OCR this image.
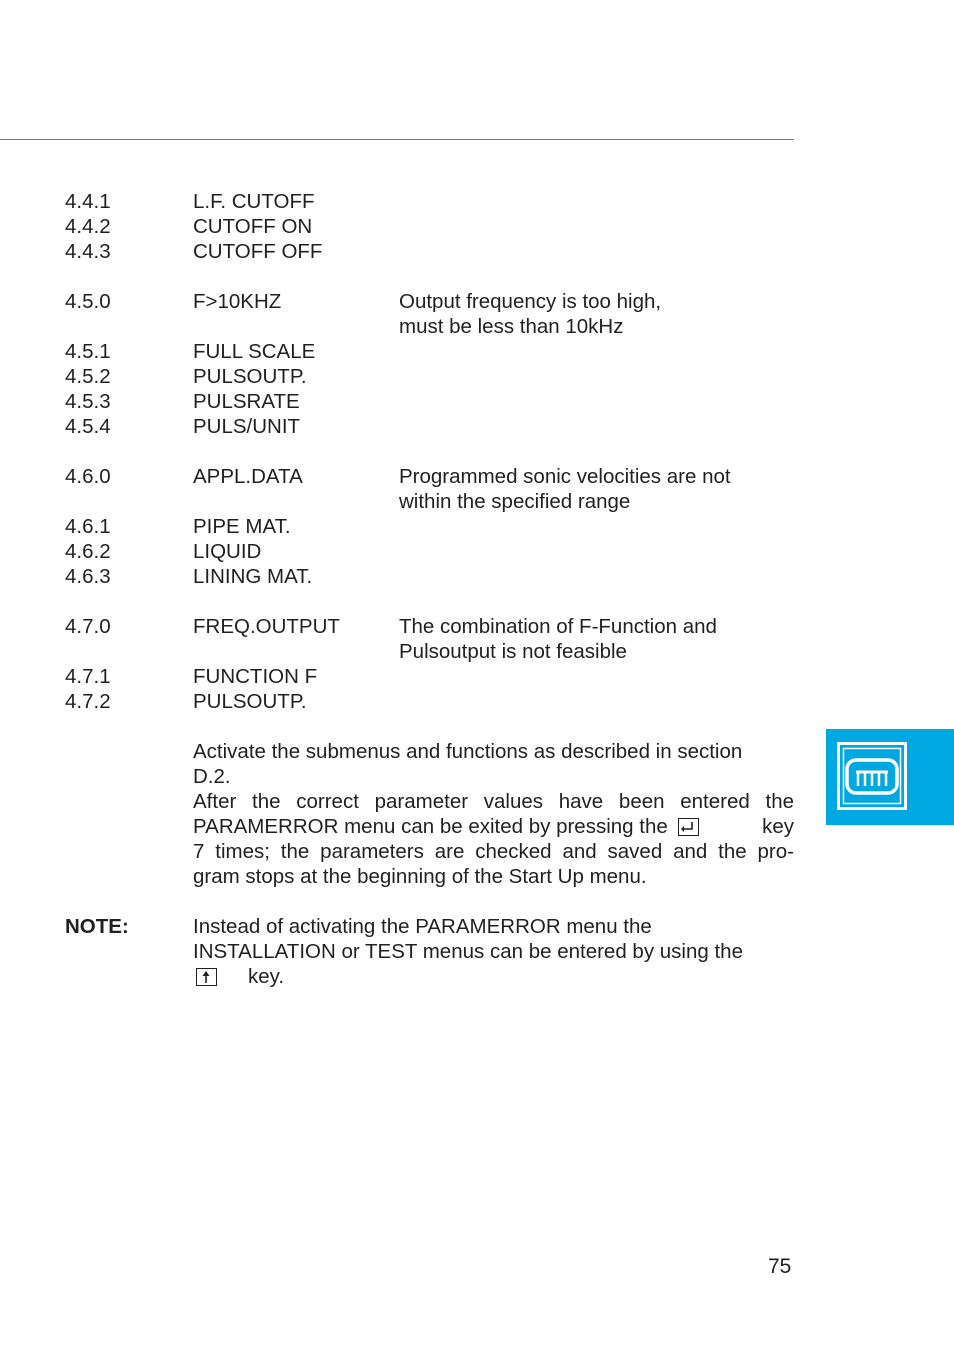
4.4.1	L.F. CUTOFF
4.4.2	CUTOFF ON
4.4.3	CUTOFF OFF
4.5.0	F>10KHZ	Output frequency is too high,
must be less than 10kHz
4.5.1	FULL SCALE
4.5.2	PULSOUTP.
4.5.3	PULSRATE
4.5.4	PULS/UNIT
4.6.0	APPL.DATA	Programmed sonic velocities are not
within the specified range
4.6.1	PIPE MAT.
4.6.2	LIQUID
4.6.3	LINING MAT.
4.7.0	FREQ.OUTPUT	The combination of F-Function and
Pulsoutput is not feasible
4.7.1	FUNCTION F
4.7.2	PULSOUTP.
Activate the submenus and functions as described in section
D.2.
After the correct parameter values have been entered the
PARAMERROR menu can be exited by pressing the	key
7 times; the parameters are checked and saved and the pro-
gram stops at the beginning of the Start Up menu.
NOTE:	Instead of activating the PARAMERROR menu the
INSTALLATION or TEST menus can be entered by using the
key.
75
